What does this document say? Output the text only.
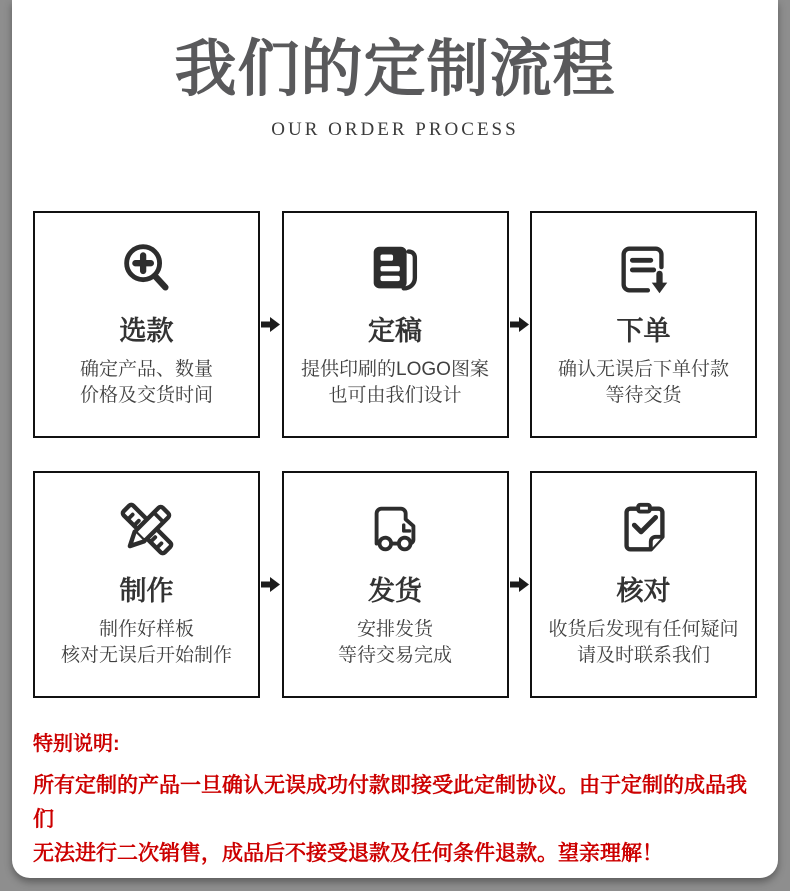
我们的定制流程
OUR ORDER PROCESS
选款
确定产品、数量
价格及交货时间
定稿
提供印刷的LOGO图案
也可由我们设计
下单
确认无误后下单付款
等待交货
制作
制作好样板
核对无误后开始制作
发货
安排发货
等待交易完成
核对
收货后发现有任何疑问
请及时联系我们
特别说明:
所有定制的产品一旦确认无误成功付款即接受此定制协议。由于定制的成品我们
无法进行二次销售，成品后不接受退款及任何条件退款。望亲理解！
